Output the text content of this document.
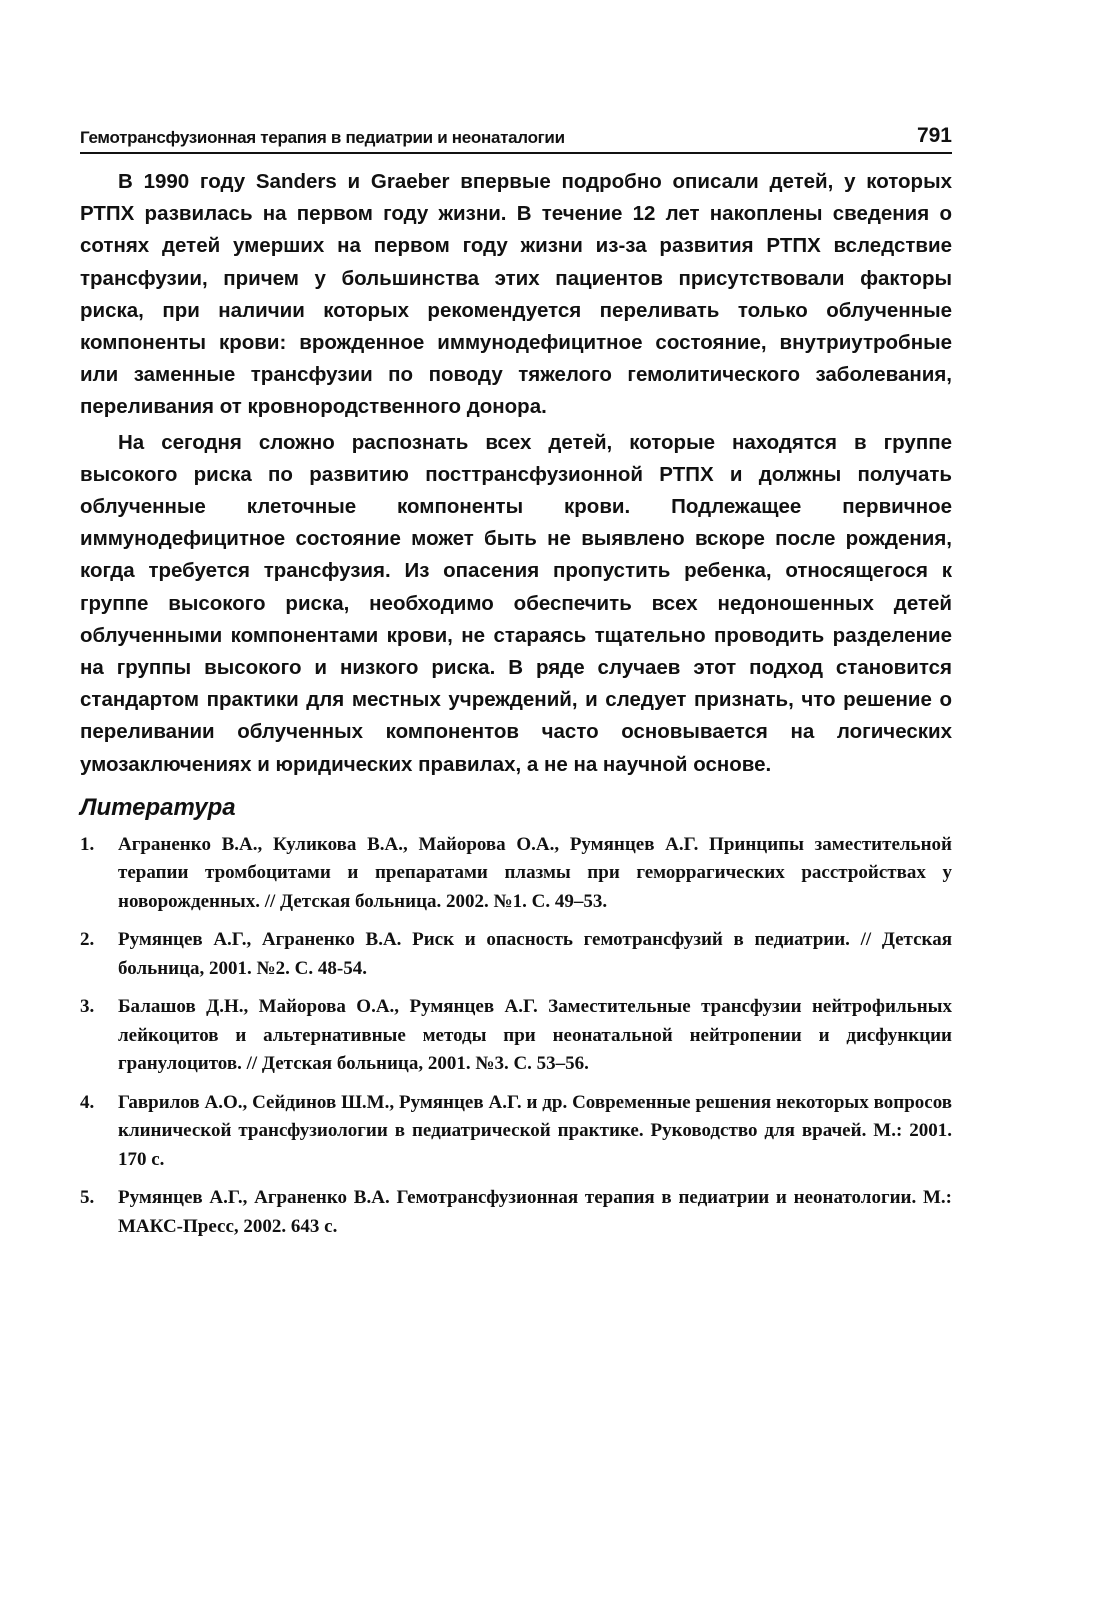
Гемотрансфузионная терапия в педиатрии и неонаталогии	791

В 1990 году Sanders и Graeber впервые подробно описали детей, у которых РТПХ развилась на первом году жизни. В течение 12 лет накоплены сведения о сотнях детей умерших на первом году жизни из-за развития РТПХ вследствие трансфузии, причем у большинства этих пациентов присутствовали факторы риска, при наличии которых рекомендуется переливать только облученные компоненты крови: врожденное иммунодефицитное состояние, внутриутробные или заменные трансфузии по поводу тяжелого гемолитического заболевания, переливания от кровнородственного донора.

На сегодня сложно распознать всех детей, которые находятся в группе высокого риска по развитию посттрансфузионной РТПХ и должны получать облученные клеточные компоненты крови. Подлежащее первичное иммунодефицитное состояние может быть не выявлено вскоре после рождения, когда требуется трансфузия. Из опасения пропустить ребенка, относящегося к группе высокого риска, необходимо обеспечить всех недоношенных детей облученными компонентами крови, не стараясь тщательно проводить разделение на группы высокого и низкого риска. В ряде случаев этот подход становится стандартом практики для местных учреждений, и следует признать, что решение о переливании облученных компонентов часто основывается на логических умозаключениях и юридических правилах, а не на научной основе.

Литература
1.	Аграненко В.А., Куликова В.А., Майорова О.А., Румянцев А.Г. Принципы заместительной терапии тромбоцитами и препаратами плазмы при геморрагических расстройствах у новорожденных. // Детская больница. 2002. №1. С. 49–53.
2.	Румянцев А.Г., Аграненко В.А. Риск и опасность гемотрансфузий в педиатрии. // Детская больница, 2001. №2. С. 48-54.
3.	Балашов Д.Н., Майорова О.А., Румянцев А.Г. Заместительные трансфузии нейтрофильных лейкоцитов и альтернативные методы при неонатальной нейтропении и дисфункции гранулоцитов. // Детская больница, 2001. №3. С. 53–56.
4.	Гаврилов А.О., Сейдинов Ш.М., Румянцев А.Г. и др. Современные решения некоторых вопросов клинической трансфузиологии в педиатрической практике. Руководство для врачей. М.: 2001. 170 с.
5.	Румянцев А.Г., Аграненко В.А. Гемотрансфузионная терапия в педиатрии и неонатологии. М.: МАКС-Пресс, 2002. 643 с.
